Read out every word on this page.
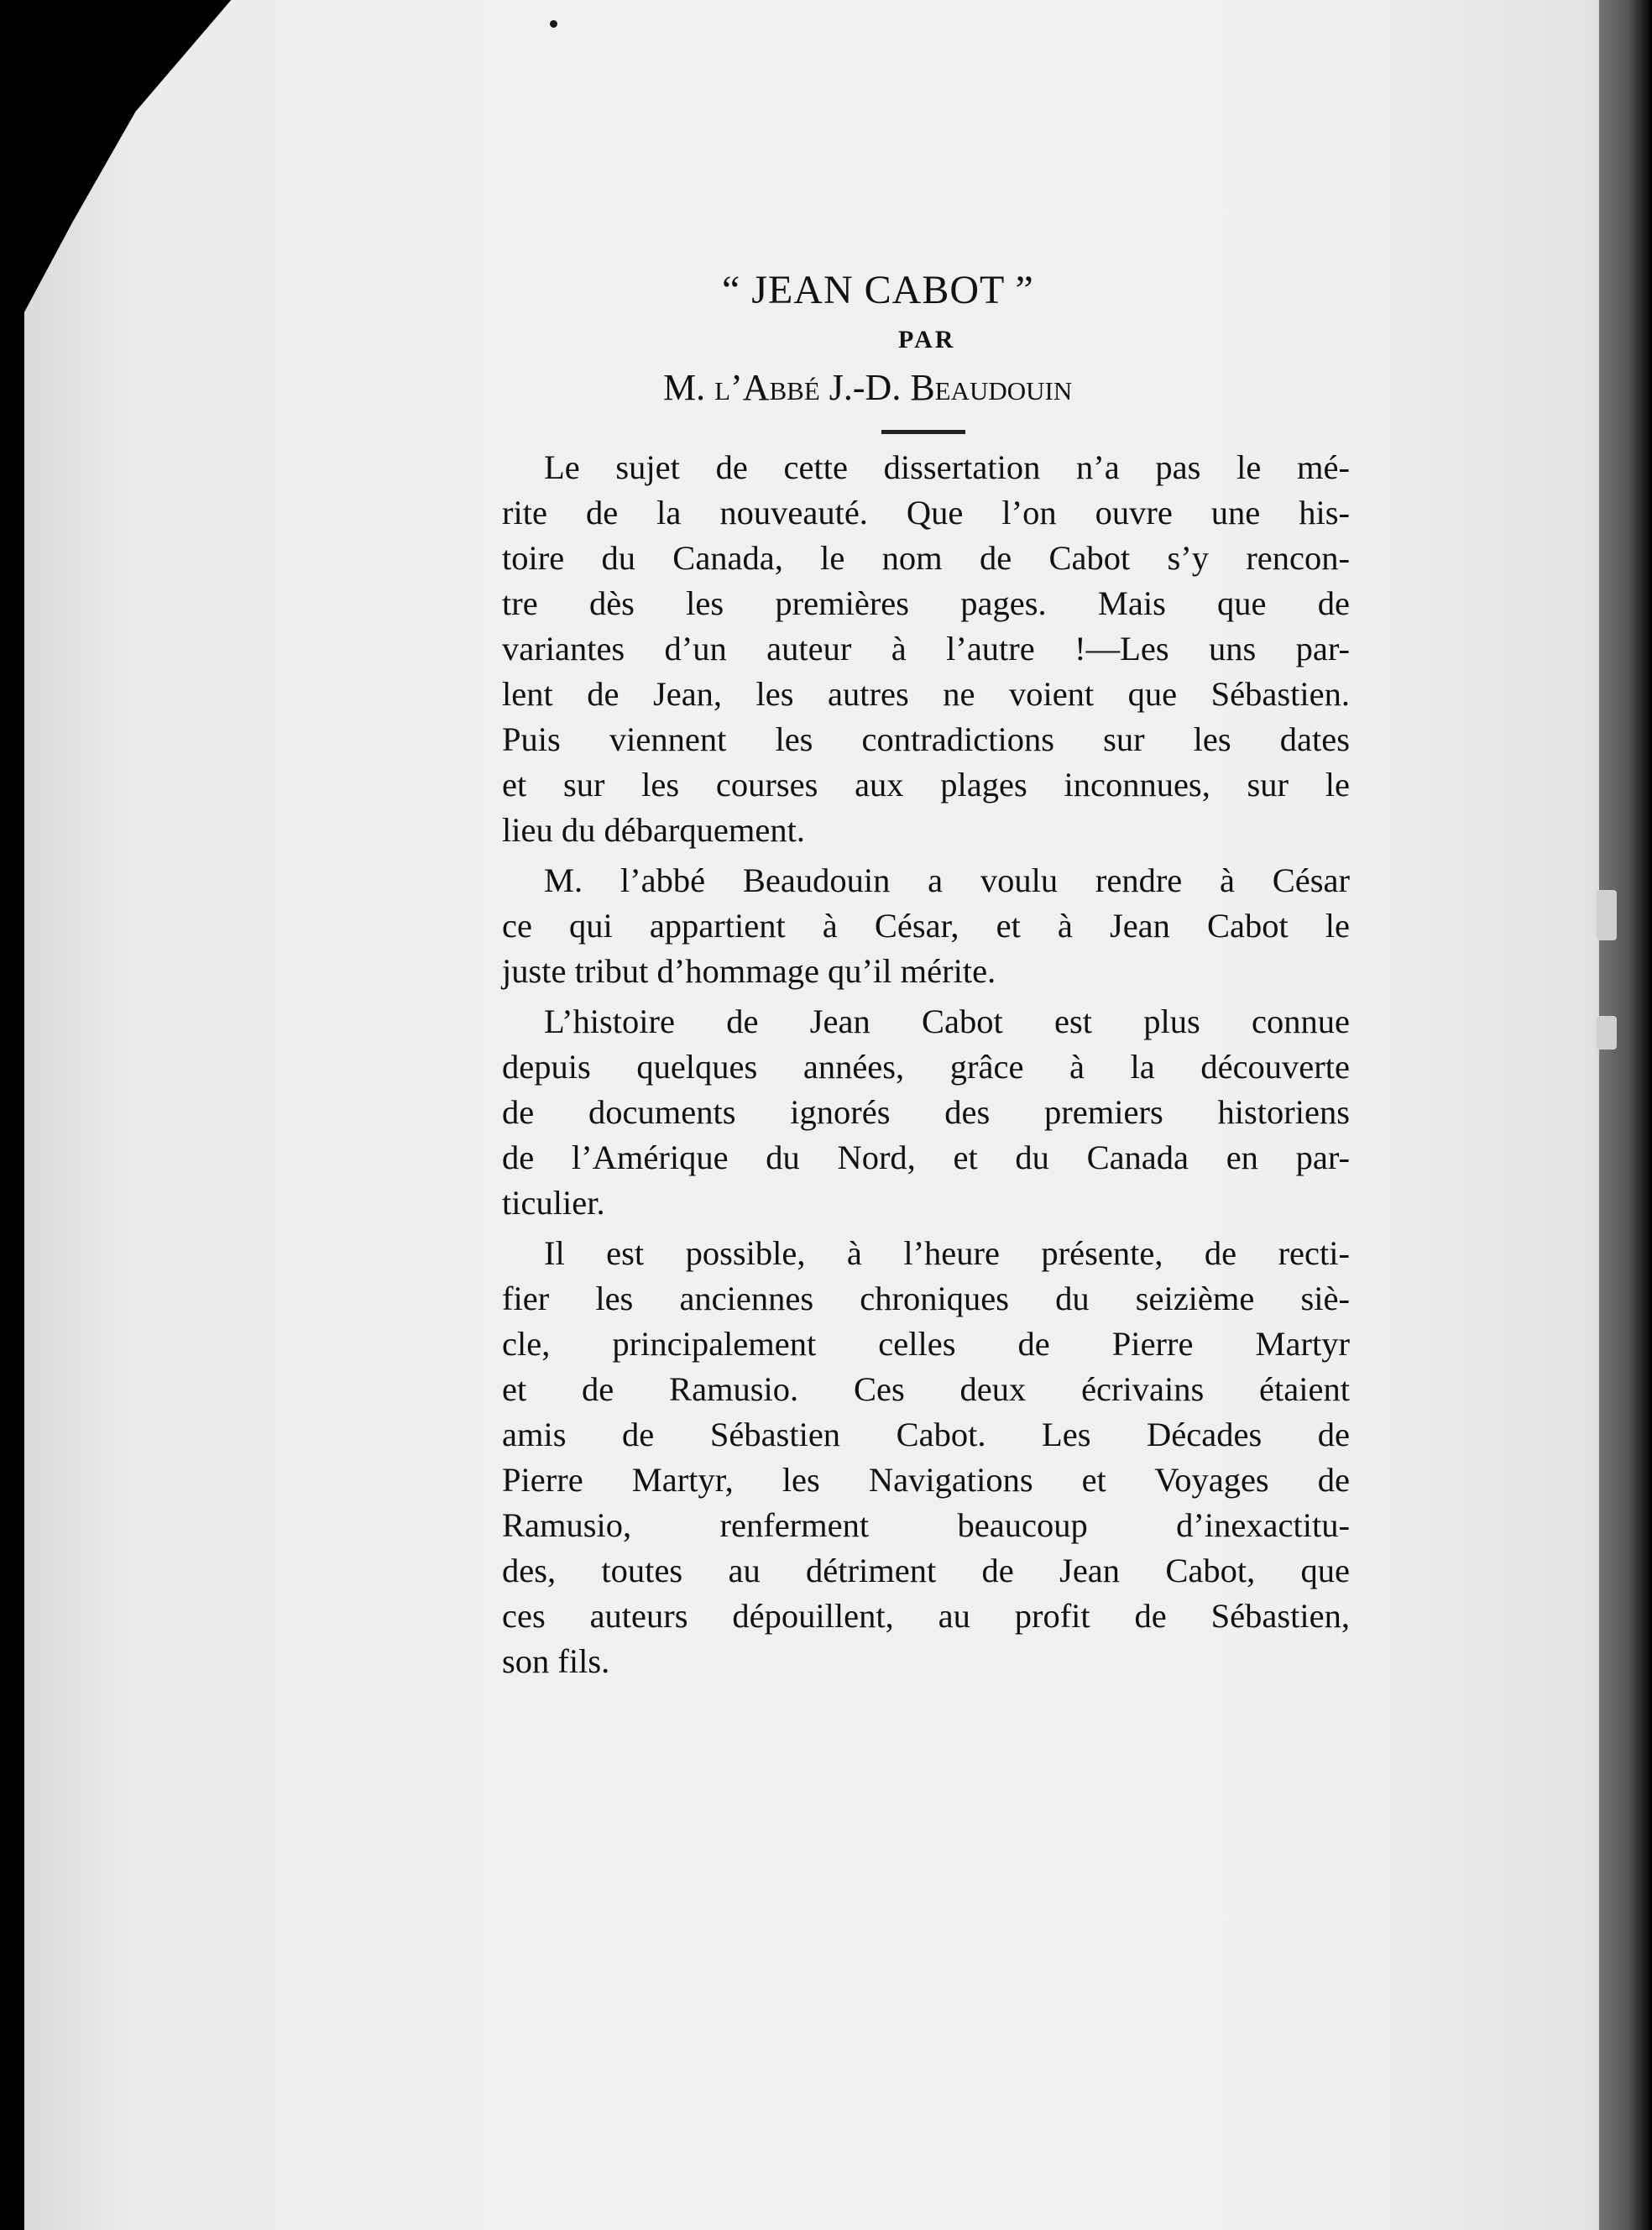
“ JEAN CABOT ”
PAR
M. l’Abbé J.-D. Beaudouin
Le sujet de cette dissertation n’a pas le mé-
rite de la nouveauté. Que l’on ouvre une his-
toire du Canada, le nom de Cabot s’y rencon-
tre dès les premières pages. Mais que de
variantes d’un auteur à l’autre !—Les uns par-
lent de Jean, les autres ne voient que Sébastien.
Puis viennent les contradictions sur les dates
et sur les courses aux plages inconnues, sur le
lieu du débarquement.
M. l’abbé Beaudouin a voulu rendre à César
ce qui appartient à César, et à Jean Cabot le
juste tribut d’hommage qu’il mérite.
L’histoire de Jean Cabot est plus connue
depuis quelques années, grâce à la découverte
de documents ignorés des premiers historiens
de l’Amérique du Nord, et du Canada en par-
ticulier.
Il est possible, à l’heure présente, de recti-
fier les anciennes chroniques du seizième siè-
cle, principalement celles de Pierre Martyr
et de Ramusio. Ces deux écrivains étaient
amis de Sébastien Cabot. Les Décades de
Pierre Martyr, les Navigations et Voyages de
Ramusio, renferment beaucoup d’inexactitu-
des, toutes au détriment de Jean Cabot, que
ces auteurs dépouillent, au profit de Sébastien,
son fils.
